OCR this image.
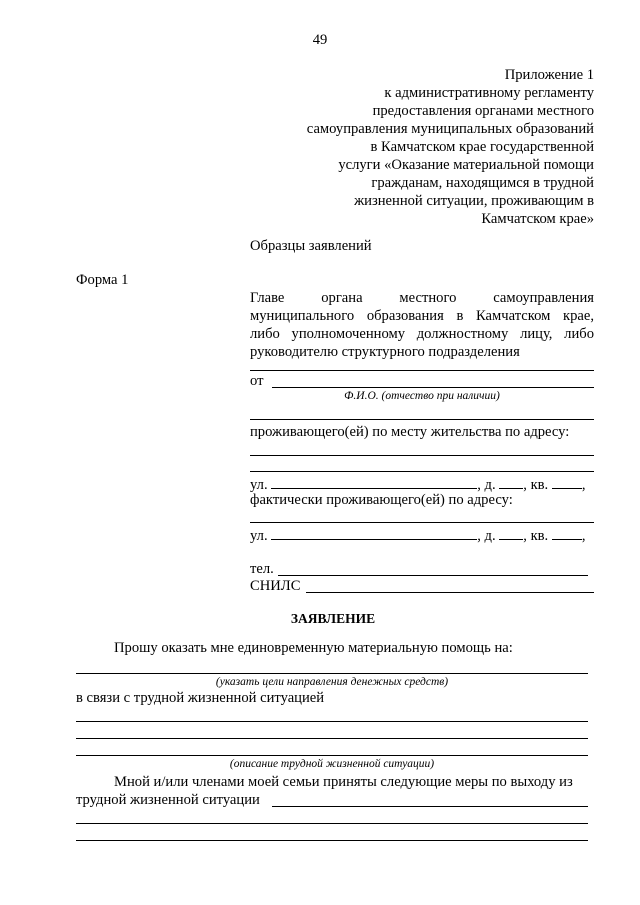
49
Приложение 1
к административному регламенту
предоставления органами местного
самоуправления муниципальных образований
в Камчатском крае государственной
услуги «Оказание материальной помощи
гражданам, находящимся в трудной
жизненной ситуации, проживающим в
Камчатском крае»
Образцы заявлений
Форма 1
Главе органа местного самоуправления
муниципального образования в Камчатском крае,
либо уполномоченному должностному лицу, либо
руководителю структурного подразделения
от
Ф.И.О. (отчество при наличии)
проживающего(ей) по месту жительства по адресу:
ул.	, д. , кв. ,
фактически проживающего(ей) по адресу:
ул.	, д. , кв. ,
тел.
СНИЛС
ЗАЯВЛЕНИЕ
Прошу оказать мне единовременную материальную помощь на:
(указать цели направления денежных средств)
в связи с трудной жизненной ситуацией
(описание трудной жизненной ситуации)
Мной и/или членами моей семьи приняты следующие меры по выходу из
трудной жизненной ситуации
